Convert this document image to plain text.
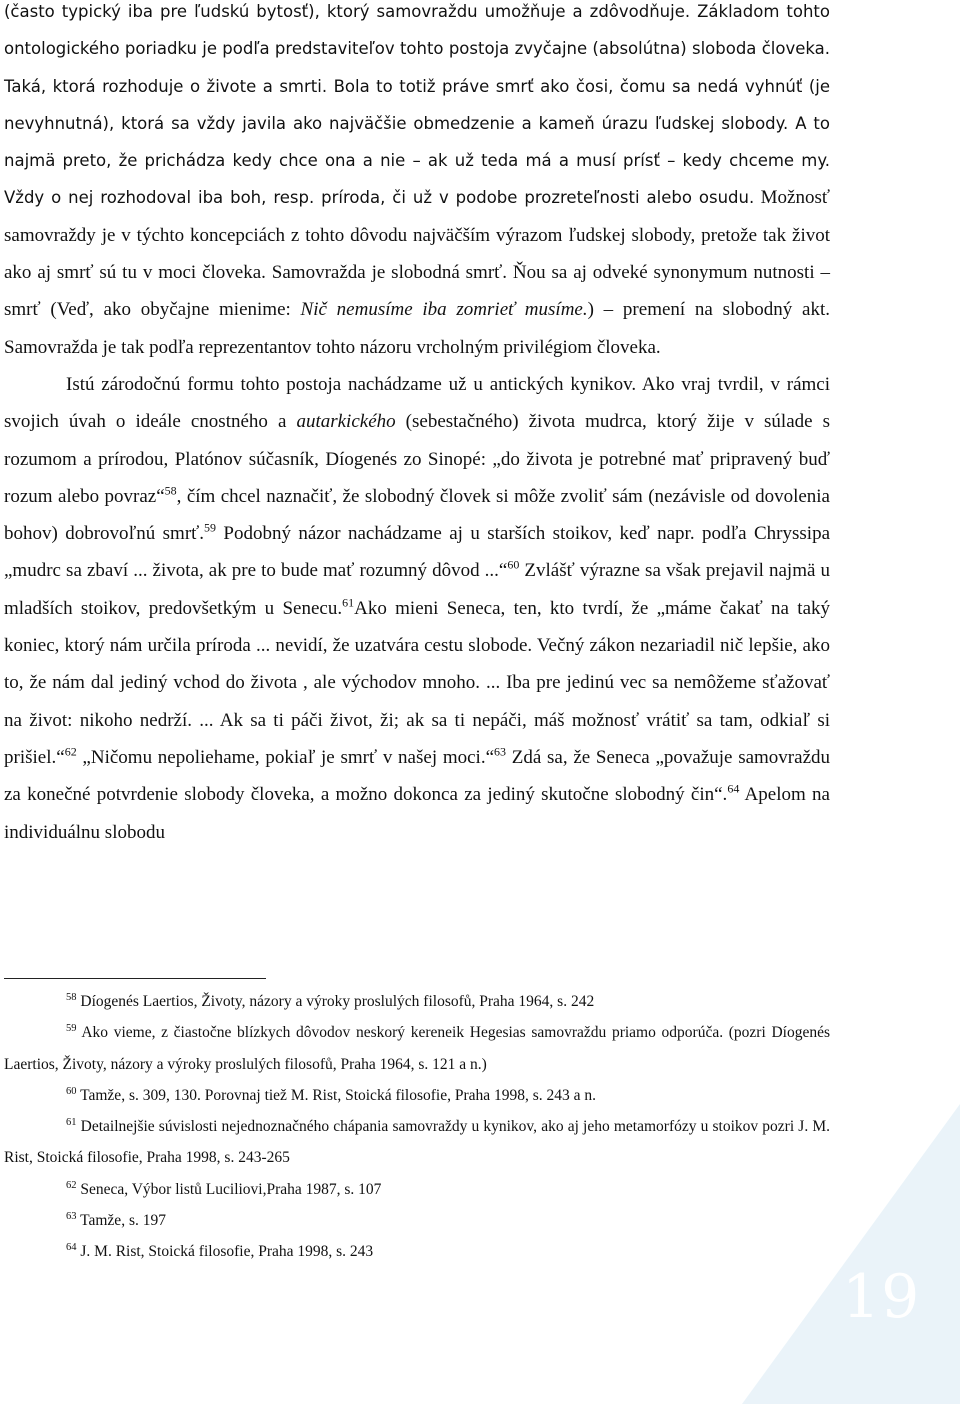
(často typický iba pre ľudskú bytosť), ktorý samovraždu umožňuje a zdôvodňuje. Základom tohto ontologického poriadku je podľa predstaviteľov tohto postoja zvyčajne (absolútna) sloboda človeka. Taká, ktorá rozhoduje o živote a smrti. Bola to totiž práve smrť ako čosi, čomu sa nedá vyhnúť (je nevyhnutná), ktorá sa vždy javila ako najväčšie obmedzenie a kameň úrazu ľudskej slobody. A to najmä preto, že prichádza kedy chce ona a nie – ak už teda má a musí prísť – kedy chceme my. Vždy o nej rozhodoval iba boh, resp. príroda, či už v podobe prozreteľnosti alebo osudu. Možnosť samovraždy je v týchto koncepciách z tohto dôvodu najväčším výrazom ľudskej slobody, pretože tak život ako aj smrť sú tu v moci človeka. Samovražda je slobodná smrť. Ňou sa aj odveké synonymum nutnosti – smrť (Veď, ako obyčajne mienime: Nič nemusíme iba zomrieť musíme.) – premení na slobodný akt. Samovražda je tak podľa reprezentantov tohto názoru vrcholným privilégiom človeka.

Istú zárodočnú formu tohto postoja nachádzame už u antických kynikov. Ako vraj tvrdil, v rámci svojich úvah o ideále cnostného a autarkického (sebestačného) života mudrca, ktorý žije v súlade s rozumom a prírodou, Platónov súčasník, Díogenés zo Sinopé: „do života je potrebné mať pripravený buď rozum alebo povraz“$^{58}$, čím chcel naznačiť, že slobodný človek si môže zvoliť sám (nezávisle od dovolenia bohov) dobrovoľnú smrť.$^{59}$ Podobný názor nachádzame aj u starších stoikov, keď napr. podľa Chryssipa „mudrc sa zbaví ... života, ak pre to bude mať rozumný dôvod ...“$^{60}$ Zvlášť výrazne sa však prejavil najmä u mladších stoikov, predovšetkým u Senecu.$^{61}$Ako mieni Seneca, ten, kto tvrdí, že „máme čakať na taký koniec, ktorý nám určila príroda ... nevidí, že uzatvára cestu slobode. Večný zákon nezariadil nič lepšie, ako to, že nám dal jediný vchod do života , ale východov mnoho. ... Iba pre jedinú vec sa nemôžeme sťažovať na život: nikoho nedrží. ... Ak sa ti páči život, ži; ak sa ti nepáči, máš možnosť vrátiť sa tam, odkiaľ si prišiel.“$^{62}$ „Ničomu nepoliehame, pokiaľ je smrť v našej moci.“$^{63}$ Zdá sa, že Seneca „považuje samovraždu za konečné potvrdenie slobody človeka, a možno dokonca za jediný skutočne slobodný čin“.$^{64}$ Apelom na individuálnu slobodu

$^{58}$ Díogenés Laertios, Životy, názory a výroky proslulých filosofů, Praha 1964, s. 242

$^{59}$ Ako vieme, z čiastočne blízkych dôvodov neskorý kereneik Hegesias samovraždu priamo odporúča. (pozri Díogenés Laertios, Životy, názory a výroky proslulých filosofů, Praha 1964, s. 121 a n.)

$^{60}$ Tamže, s. 309, 130. Porovnaj tiež M. Rist, Stoická filosofie, Praha 1998, s. 243 a n.

$^{61}$ Detailnejšie súvislosti nejednoznačného chápania samovraždy u kynikov, ako aj jeho metamorfózy u stoikov pozri J. M. Rist, Stoická filosofie, Praha 1998, s. 243-265

$^{62}$ Seneca, Výbor listů Luciliovi,Praha 1987, s. 107

$^{63}$ Tamže, s. 197

$^{64}$ J. M. Rist, Stoická filosofie, Praha 1998, s. 243

19
